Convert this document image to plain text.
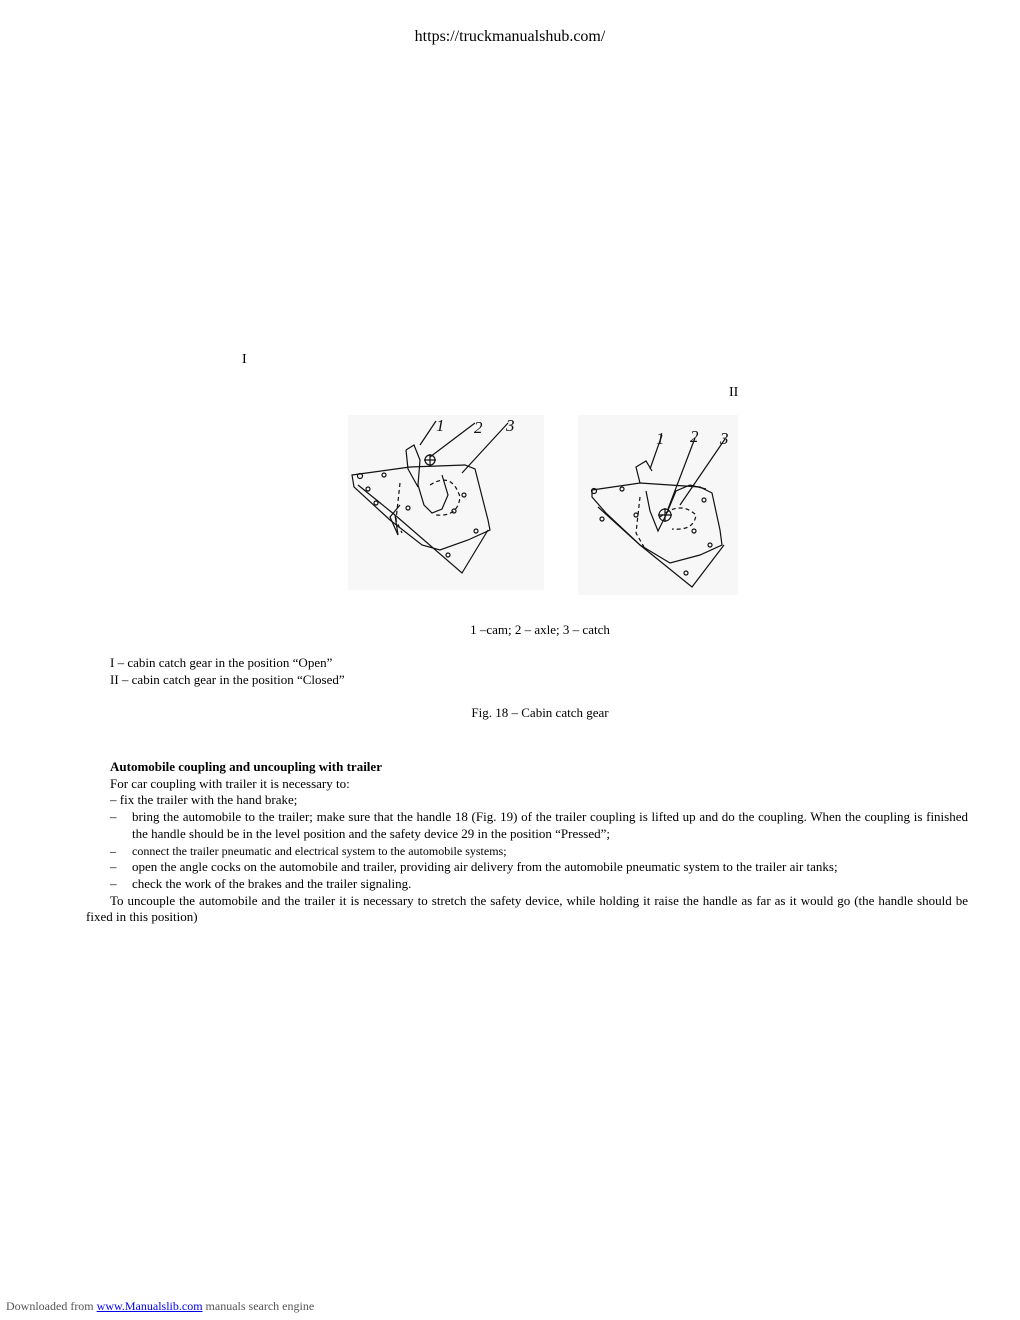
https://truckmanualshub.com/
I
II
1 2 3
1 2 3
1 –cam; 2 – axle; 3 – catch
I – cabin catch gear in the position “Open”
II – cabin catch gear in the position “Closed”
Fig. 18 – Cabin catch gear
Automobile coupling and uncoupling with trailer
For car coupling with trailer it is necessary to:
– fix the trailer with the hand brake;
–	bring the automobile to the trailer; make sure that the handle 18 (Fig. 19) of the trailer coupling is lifted up and do the coupling. When the coupling is finished the handle should be in the level position and the safety device 29 in the position “Pressed”;
–	connect the trailer pneumatic and electrical system to the automobile systems;
–	open the angle cocks on the automobile and trailer, providing air delivery from the automobile pneumatic system to the trailer air tanks;
–	check the work of the brakes and the trailer signaling.
To uncouple the automobile and the trailer it is necessary to stretch the safety device, while holding it raise the handle as far as it would go (the handle should be fixed in this position)
Downloaded from www.Manualslib.com manuals search engine
